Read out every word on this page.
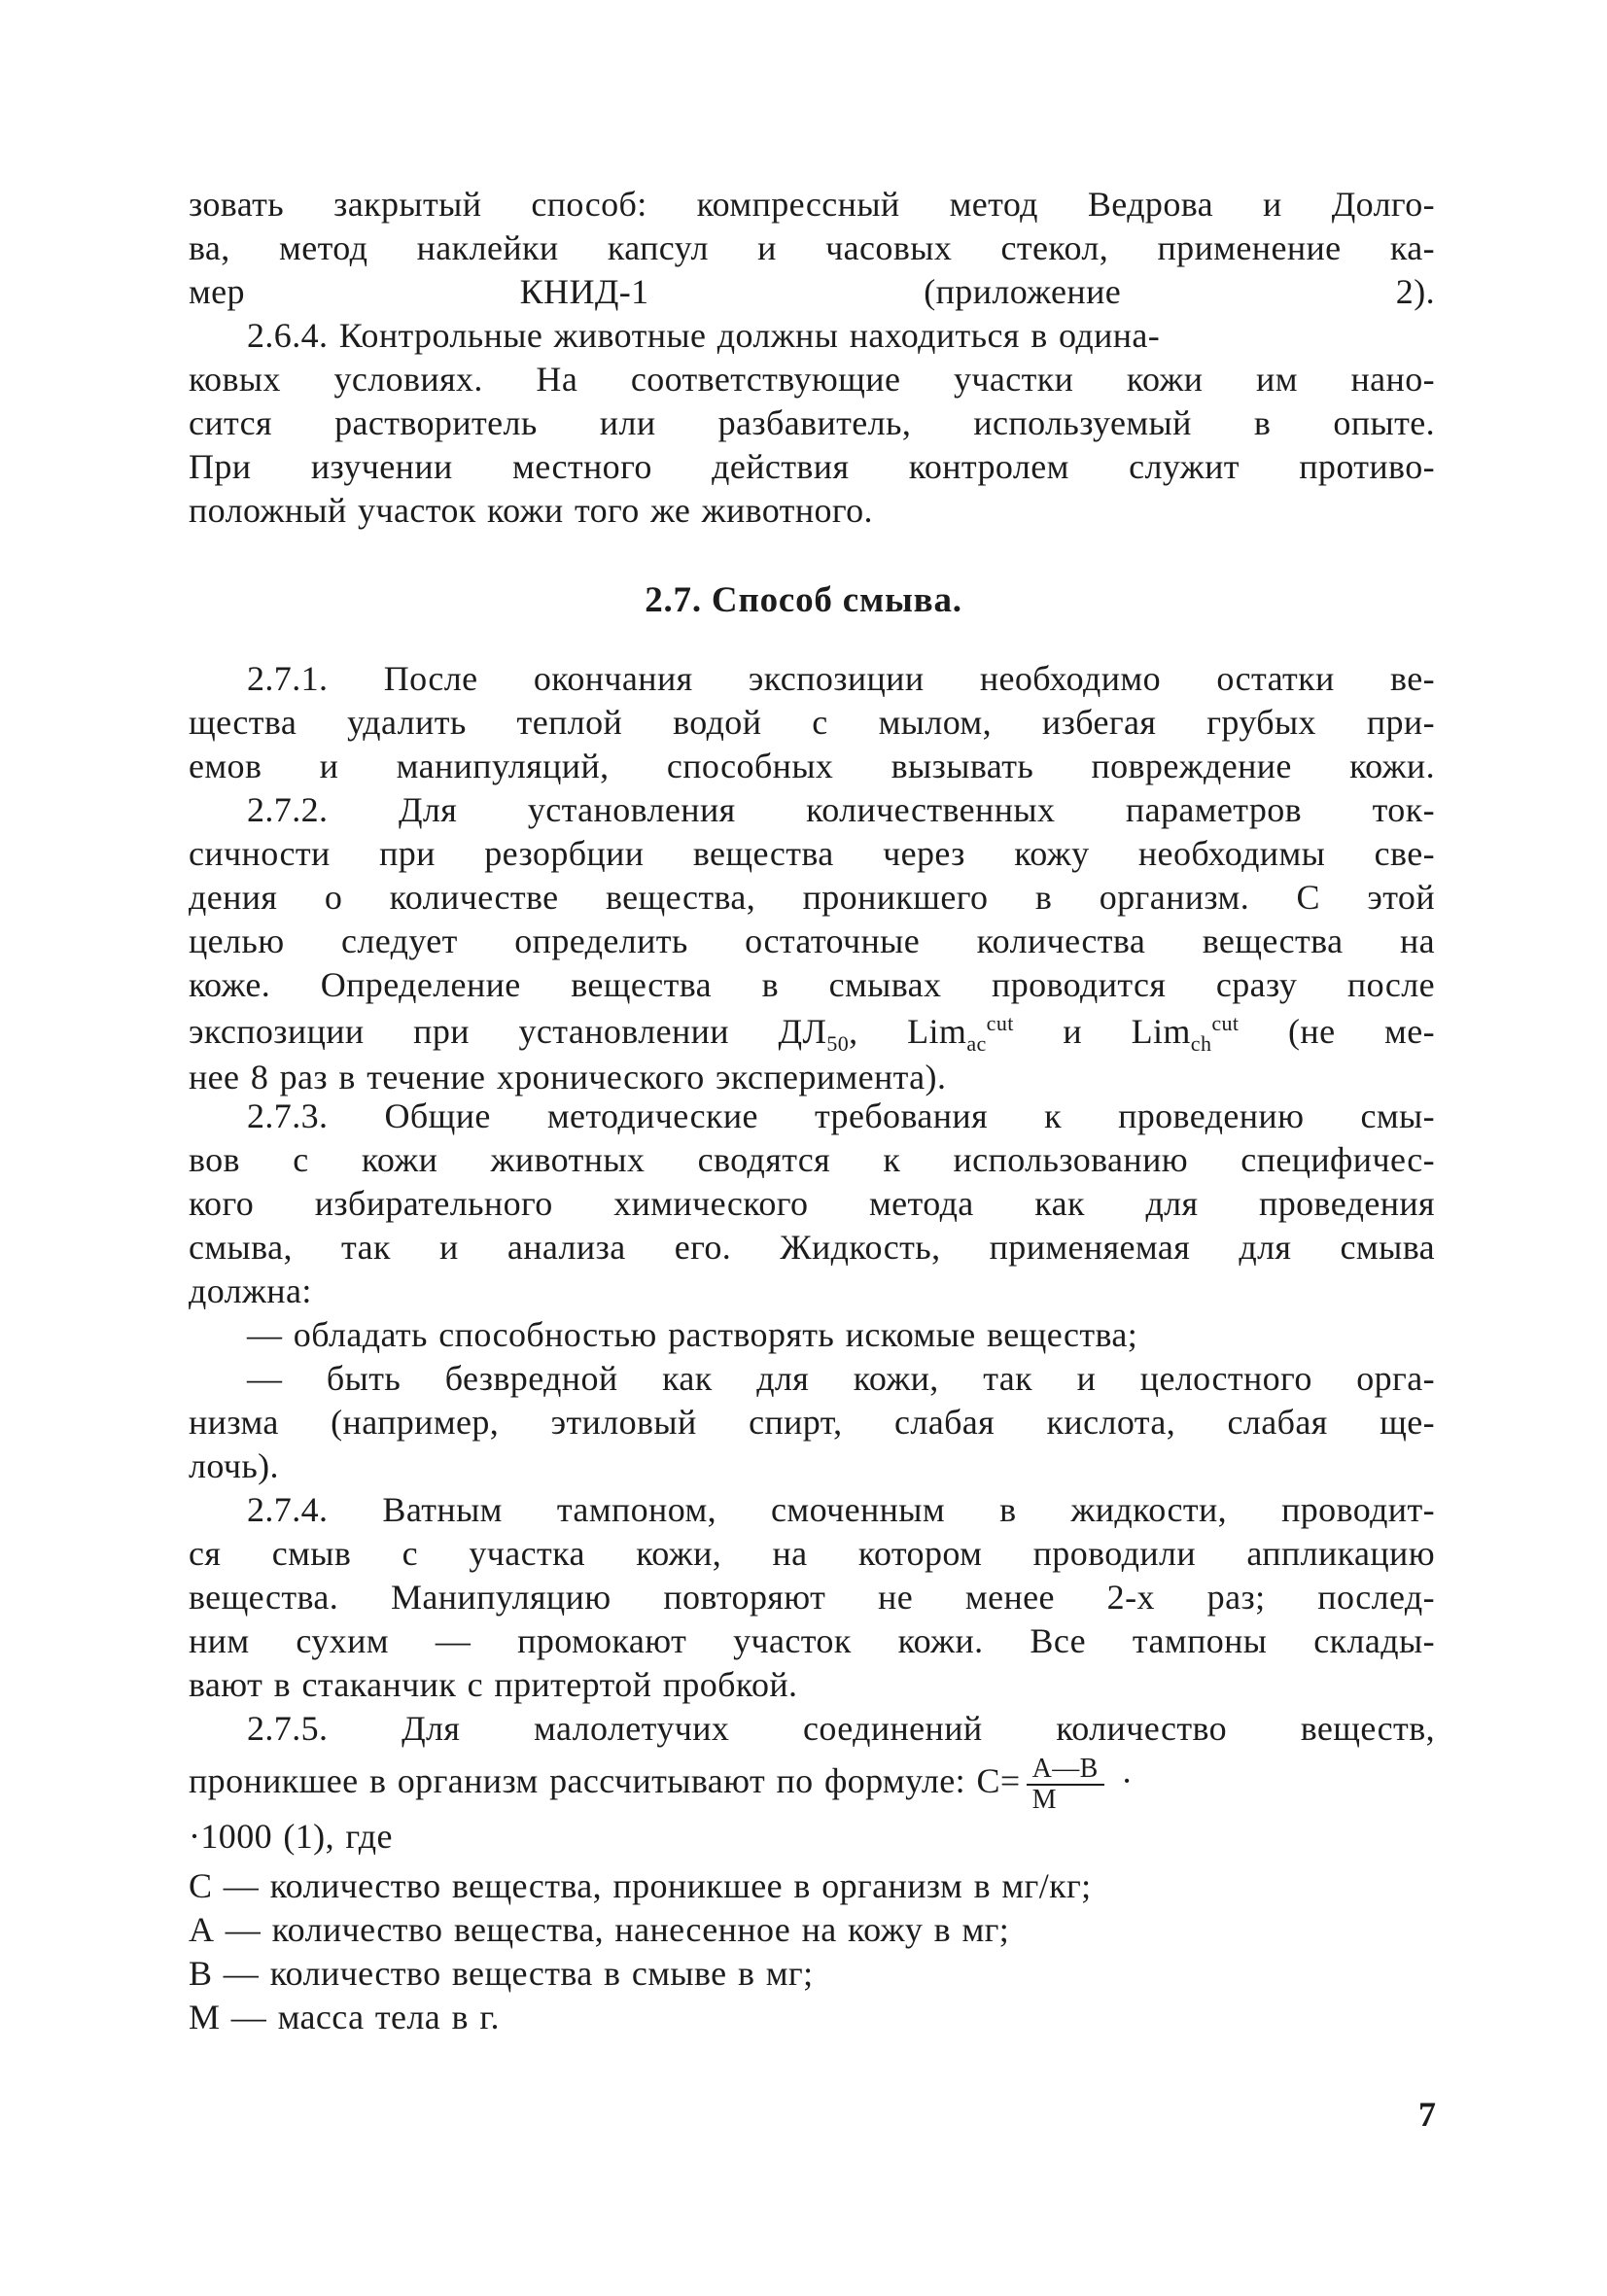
зовать закрытый способ: компрессный метод Ведрова и Долго-
ва, метод наклейки капсул и часовых стекол, применение ка-
мер КНИД-1 (приложение 2).

2.6.4. Контрольные животные должны находиться в одина-

ковых условиях. На соответствующие участки кожи им нано-

сится растворитель или разбавитель, используемый в опыте.

При изучении местного действия контролем служит противо-

положный участок кожи того же животного.

2.7. Способ смыва.

2.7.1. После окончания экспозиции необходимо остатки ве-

щества удалить теплой водой с мылом, избегая грубых при-

емов и манипуляций, способных вызывать повреждение кожи.

2.7.2. Для установления количественных параметров ток-

сичности при резорбции вещества через кожу необходимы све-

дения о количестве вещества, проникшего в организм. С этой

целью следует определить остаточные количества вещества на

коже. Определение вещества в смывах проводится сразу после

экспозиции при установлении $ДЛ_{50}$, Lim$_{ac}^{cut}$ и Lim$_{ch}^{cut}$ (не ме-

нее 8 раз в течение хронического эксперимента).

2.7.3. Общие методические требования к проведению смы-

вов с кожи животных сводятся к использованию специфичес-

кого избирательного химического метода как для проведения

смыва, так и анализа его. Жидкость, применяемая для смыва

должна:

— обладать способностью растворять искомые вещества;

— быть безвредной как для кожи, так и целостного орга-

низма (например, этиловый спирт, слабая кислота, слабая ще-

лочь).

2.7.4. Ватным тампоном, смоченным в жидкости, проводит-

ся смыв с участка кожи, на котором проводили аппликацию

вещества. Манипуляцию повторяют не менее 2-х раз; послед-

ним сухим — промокают участок кожи. Все тампоны склады-

вают в стаканчик с притертой пробкой.

2.7.5. Для малолетучих соединений количество веществ,

проникшее в организм рассчитывают по формуле: $С= \frac{А—В}{М}$ ·

·1000 (1), где

С — количество вещества, проникшее в организм в мг/кг;

А — количество вещества, нанесенное на кожу в мг;

В — количество вещества в смыве в мг;

М — масса тела в г.

7
